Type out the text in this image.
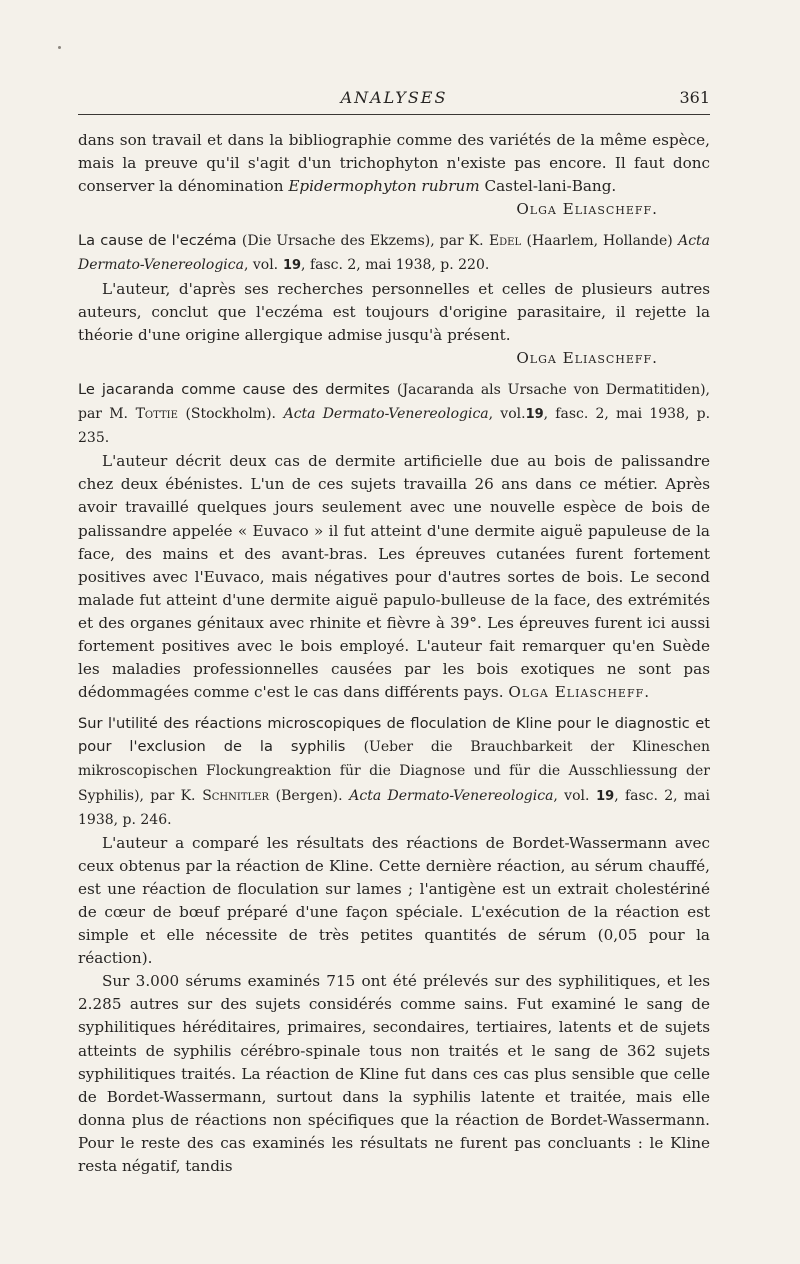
ANALYSES	361

dans son travail et dans la bibliographie comme des variétés de la même espèce, mais la preuve qu'il s'agit d'un trichophyton n'existe pas encore. Il faut donc conserver la dénomination Epidermophyton rubrum Castel-lani-Bang.

Olga Eliascheff.

La cause de l'eczéma (Die Ursache des Ekzems), par K. Edel (Haarlem, Hollande) Acta Dermato-Venereologica, vol. 19, fasc. 2, mai 1938, p. 220.

L'auteur, d'après ses recherches personnelles et celles de plusieurs autres auteurs, conclut que l'eczéma est toujours d'origine parasitaire, il rejette la théorie d'une origine allergique admise jusqu'à présent.

Olga Eliascheff.

Le jacaranda comme cause des dermites (Jacaranda als Ursache von Dermatitiden), par M. Tottie (Stockholm). Acta Dermato-Venereologica, vol.19, fasc. 2, mai 1938, p. 235.

L'auteur décrit deux cas de dermite artificielle due au bois de palissandre chez deux ébénistes. L'un de ces sujets travailla 26 ans dans ce métier. Après avoir travaillé quelques jours seulement avec une nouvelle espèce de bois de palissandre appelée « Euvaco » il fut atteint d'une dermite aiguë papuleuse de la face, des mains et des avant-bras. Les épreuves cutanées furent fortement positives avec l'Euvaco, mais négatives pour d'autres sortes de bois. Le second malade fut atteint d'une dermite aiguë papulo-bulleuse de la face, des extrémités et des organes génitaux avec rhinite et fièvre à 39°. Les épreuves furent ici aussi fortement positives avec le bois employé. L'auteur fait remarquer qu'en Suède les maladies professionnelles causées par les bois exotiques ne sont pas dédommagées comme c'est le cas dans différents pays. Olga Eliascheff.

Sur l'utilité des réactions microscopiques de floculation de Kline pour le diagnostic et pour l'exclusion de la syphilis (Ueber die Brauchbarkeit der Klineschen mikroscopischen Flockungreaktion für die Diagnose und für die Ausschliessung der Syphilis), par K. Schnitler (Bergen). Acta Dermato-Venereologica, vol. 19, fasc. 2, mai 1938, p. 246.

L'auteur a comparé les résultats des réactions de Bordet-Wassermann avec ceux obtenus par la réaction de Kline. Cette dernière réaction, au sérum chauffé, est une réaction de floculation sur lames ; l'antigène est un extrait cholestériné de cœur de bœuf préparé d'une façon spéciale. L'exécution de la réaction est simple et elle nécessite de très petites quantités de sérum (0,05 pour la réaction).

Sur 3.000 sérums examinés 715 ont été prélevés sur des syphilitiques, et les 2.285 autres sur des sujets considérés comme sains. Fut examiné le sang de syphilitiques héréditaires, primaires, secondaires, tertiaires, latents et de sujets atteints de syphilis cérébro-spinale tous non traités et le sang de 362 sujets syphilitiques traités. La réaction de Kline fut dans ces cas plus sensible que celle de Bordet-Wassermann, surtout dans la syphilis latente et traitée, mais elle donna plus de réactions non spécifiques que la réaction de Bordet-Wassermann. Pour le reste des cas examinés les résultats ne furent pas concluants : le Kline resta négatif, tandis
